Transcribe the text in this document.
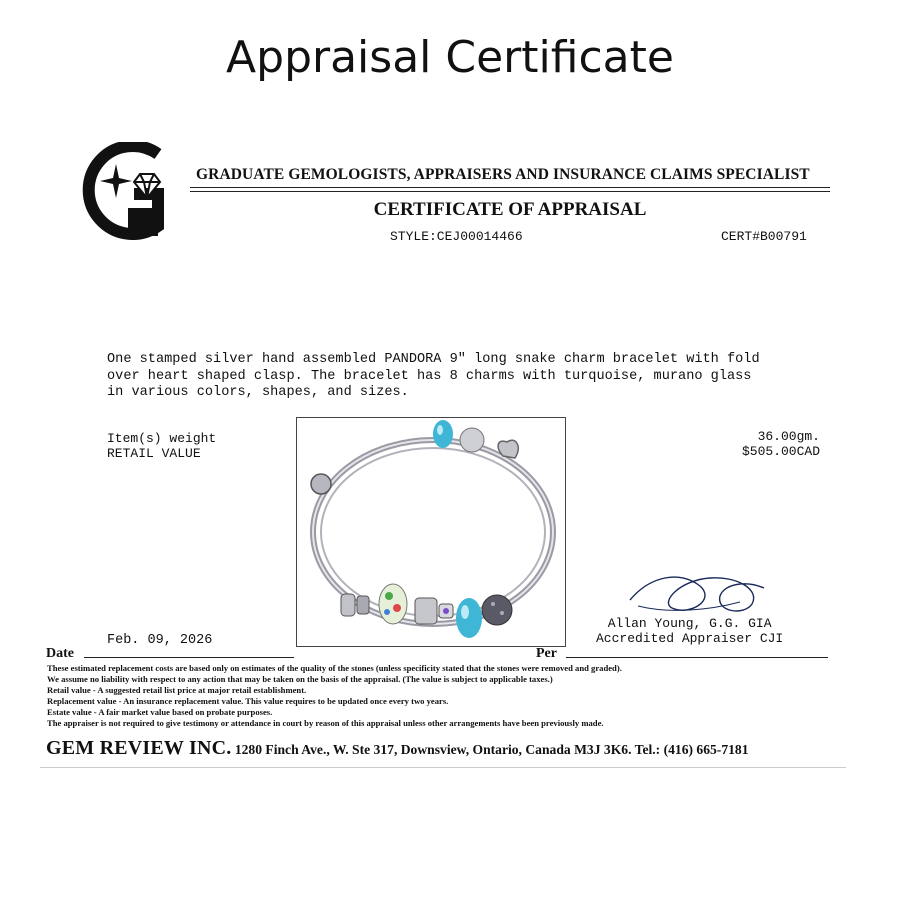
Appraisal Certificate
GRADUATE GEMOLOGISTS, APPRAISERS AND INSURANCE CLAIMS SPECIALIST
CERTIFICATE OF APPRAISAL
STYLE:CEJ00014466	CERT#B00791
One stamped silver hand assembled PANDORA 9" long snake charm bracelet with fold
over heart shaped clasp. The bracelet has 8 charms with turquoise, murano glass
in various colors, shapes, and sizes.
Item(s) weight
RETAIL VALUE
36.00gm.
$505.00CAD
Date
Feb. 09, 2026
Per
Allan Young, G.G. GIA
Accredited Appraiser CJI
These estimated replacement costs are based only on estimates of the quality of the stones (unless specificity stated that the stones were removed and graded).
We assume no liability with respect to any action that may be taken on the basis of the appraisal. (The value is subject to applicable taxes.)
Retail value - A suggested retail list price at major retail establishment.
Replacement value - An insurance replacement value. This value requires to be updated once every two years.
Estate value - A fair market value based on probate purposes.
The appraiser is not required to give testimony or attendance in court by reason of this appraisal unless other arrangements have been previously made.
GEM REVIEW INC. 1280 Finch Ave., W. Ste 317, Downsview, Ontario, Canada M3J 3K6. Tel.: (416) 665-7181
